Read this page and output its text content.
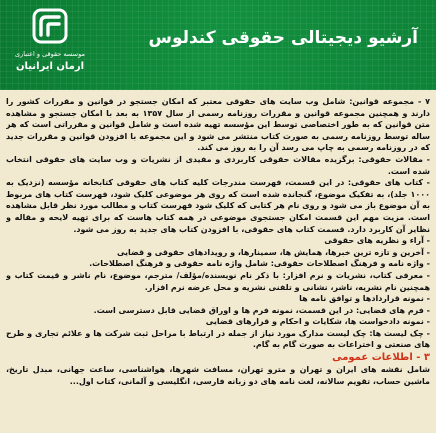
موسسه حقوقی و اعتباری
ارمان ایرانیان
آرشیو دیجیتالی حقوقی کندلوس

۷ - مجموعه قوانین: شامل وب سایت های حقوقی معتبر که امکان جستجو در قوانین و مقررات کشور را دارند و همچنین مجموعه قوانین و مقررات روزنامه رسمی از سال ۱۳۵۷ به بعد با امکان جستجو و مشاهده متن قوانین که به طور اختصاصی توسط این مؤسسه تهیه شده است و شامل قوانین و مقرراتی است که هر ساله توسط روزنامه رسمی به صورت کتاب منتشر می شود و این مجموعه با افزودن قوانین و مقررات جدید که در روزنامه رسمی به چاپ می رسد آن را به روز می کند.

- مقالات حقوقی: برگزیده مقالات حقوقی کاربردی و مفیدی از نشریات و وب سایت های حقوقی انتخاب شده است.

- کتاب های حقوقی: در این قسمت، فهرست مندرجات کلیه کتاب های حقوقی کتابخانه مؤسسه (نزدیک به ۱۰۰۰ جلد)، به تفکیک موضوع، گنجانده شده است که روی هر موضوعی کلیک شود، فهرست کتاب های مربوط به آن موضوع باز می شود و روی نام هر کتابی که کلیک شود فهرست کتاب و مطالب مورد نظر قابل مشاهده است. مزیت مهم این قسمت امکان جستجوی موضوعی در همه کتاب هاست که برای تهیه لایحه و مقاله و نظایر آن کاربرد دارد. قسمت کتاب های حقوقی، با افزودن کتاب های جدید به روز می شود.

- آراء و نظریه های حقوقی

- آخرین و تازه ترین خبرها، همایش ها، سمینارها، و رویدادهای حقوقی و قضایی

- واژه نامه و فرهنگ اصطلاحات حقوقی: شامل واژه نامه حقوقی و فرهنگ اصطلاحات.

- معرفی کتاب، نشریات و نرم افزار: با ذکر نام نویسنده/مؤلف/ مترجم، موضوع، نام ناشر و قیمت کتاب و همچنین نام نشریه، ناشر، نشانی و تلفنی نشریه و محل عرضه نرم افزار.

- نمونه قراردادها و توافق نامه ها

- فرم های قضایی: در این قسمت، نمونه فرم ها و اوراق قضایی قابل دسترسی است.

- نمونه دادخواست ها، شکایات و احکام و قرارهای قضایی

- چک لیست ها: چک لیست مدارک مورد نیاز از جمله در ارتباط با مراحل ثبت شرکت ها و علائم تجاری و طرح های صنعتی و اختراعات به صورت گام به گام.

۳ - اطلاعات عمومی

شامل نقشه های ایران و تهران و مترو تهران، مسافت شهرها، هواشناسی، ساعت جهانی، مبدل تاریخ، ماشین حساب، تقویم سالانه، لغت نامه های دو زبانه فارسی، انگلیسی و آلمانی، کتاب اول...
